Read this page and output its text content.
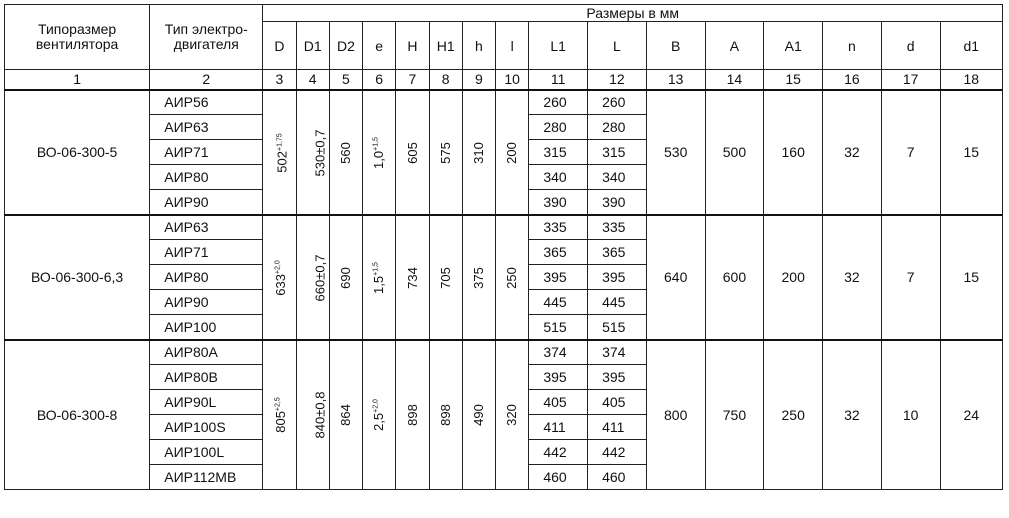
Типоразмер вентилятора	Тип электро-двигателя	Размеры в мм															
		D	D1	D2	e	H	H1	h	l	L1	L	B	A	A1	n	d	d1
1	2	3	4	5	6	7	8	9	10	11	12	13	14	15	16	17	18
ВО-06-300-5	АИР56	$502^{+1,75}$	530±0,7	560	$1,0^{+1,5}$	605	575	310	200	260	260	530	500	160	32	7	15
	АИР63									280	280						
	АИР71									315	315						
	АИР80									340	340						
	АИР90									390	390						
ВО-06-300-6,3	АИР63	$633^{+2,0}$	660±0,7	690	$1,5^{+1,5}$	734	705	375	250	335	335	640	600	200	32	7	15
	АИР71									365	365						
	АИР80									395	395						
	АИР90									445	445						
	АИР100									515	515						
ВО-06-300-8	АИР80А	$805^{+2,5}$	840±0,8	864	$2,5^{+2,0}$	898	898	490	320	374	374	800	750	250	32	10	24
	АИР80В									395	395						
	АИР90L									405	405						
	АИР100S									411	411						
	АИР100L									442	442						
	АИР112МВ									460	460						
